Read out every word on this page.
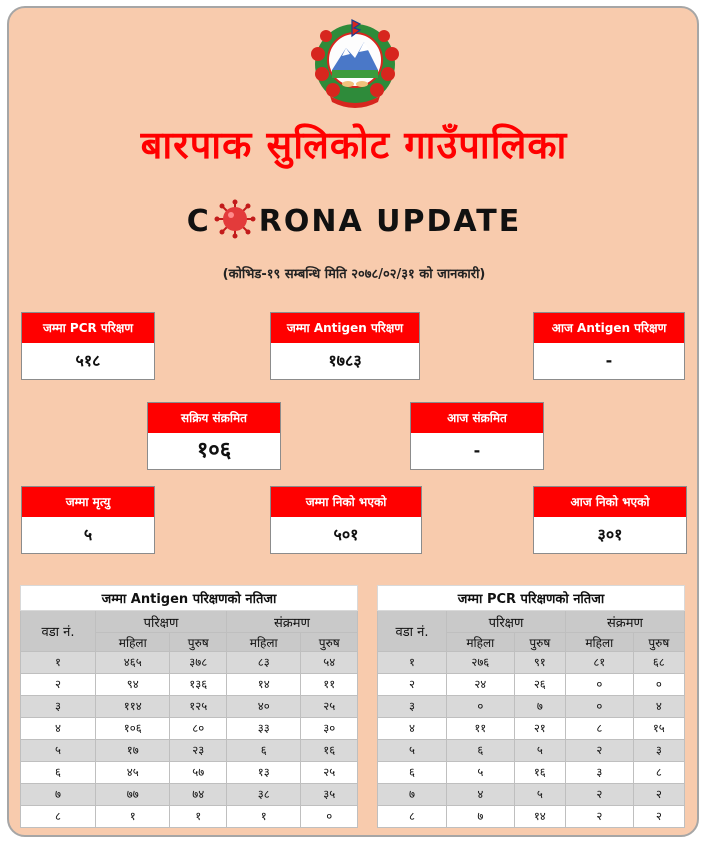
बारपाक सुलिकोट गाउँपालिका
C RONA UPDATE
(कोभिड-१९ सम्बन्धि मिति २०७८/०२/३१ को जानकारी)
जम्मा PCR परिक्षण
५१८
जम्मा Antigen परिक्षण
१७८३
आज Antigen परिक्षण
-
सक्रिय संक्रमित
१०६
आज संक्रमित
-
जम्मा मृत्यु
५
जम्मा निको भएको
५०१
आज निको भएको
३०१
जम्मा Antigen परिक्षणको नतिजा				
वडा नं.	परिक्षण		संक्रमण	
	महिला	पुरुष	महिला	पुरुष
१	४६५	३७८	८३	५४
२	९४	१३६	१४	११
३	११४	१२५	४०	२५
४	१०६	८०	३३	३०
५	१७	२३	६	१६
६	४५	५७	१३	२५
७	७७	७४	३८	३५
८	१	१	१	०
जम्मा PCR परिक्षणको नतिजा				
वडा नं.	परिक्षण		संक्रमण	
	महिला	पुरुष	महिला	पुरुष
१	२७६	९१	८१	६८
२	२४	२६	०	०
३	०	७	०	४
४	११	२१	८	१५
५	६	५	२	३
६	५	१६	३	८
७	४	५	२	२
८	७	१४	२	२
